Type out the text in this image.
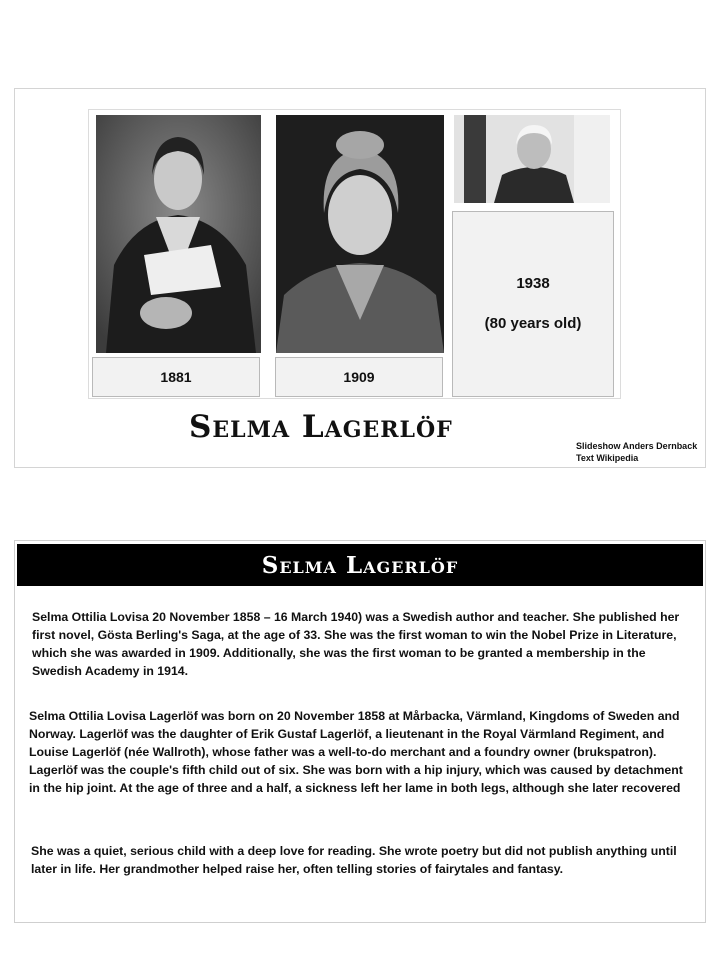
1881	1909
1938
(80 years old)
Selma Lagerlöf
Slideshow Anders Dernback
Text Wikipedia
Selma Lagerlöf

Selma Ottilia Lovisa 20 November 1858 – 16 March 1940) was a Swedish author and teacher. She published her first novel, Gösta Berling's Saga, at the age of 33. She was the first woman to win the Nobel Prize in Literature, which she was awarded in 1909. Additionally, she was the first woman to be granted a membership in the Swedish Academy in 1914.

Selma Ottilia Lovisa Lagerlöf was born on 20 November 1858 at Mårbacka, Värmland, Kingdoms of Sweden and Norway. Lagerlöf was the daughter of Erik Gustaf Lagerlöf, a lieutenant in the Royal Värmland Regiment, and Louise Lagerlöf (née Wallroth), whose father was a well-to-do merchant and a foundry owner (brukspatron). Lagerlöf was the couple's fifth child out of six. She was born with a hip injury, which was caused by detachment in the hip joint. At the age of three and a half, a sickness left her lame in both legs, although she later recovered

She was a quiet, serious child with a deep love for reading. She wrote poetry but did not publish anything until later in life. Her grandmother helped raise her, often telling stories of fairytales and fantasy.
